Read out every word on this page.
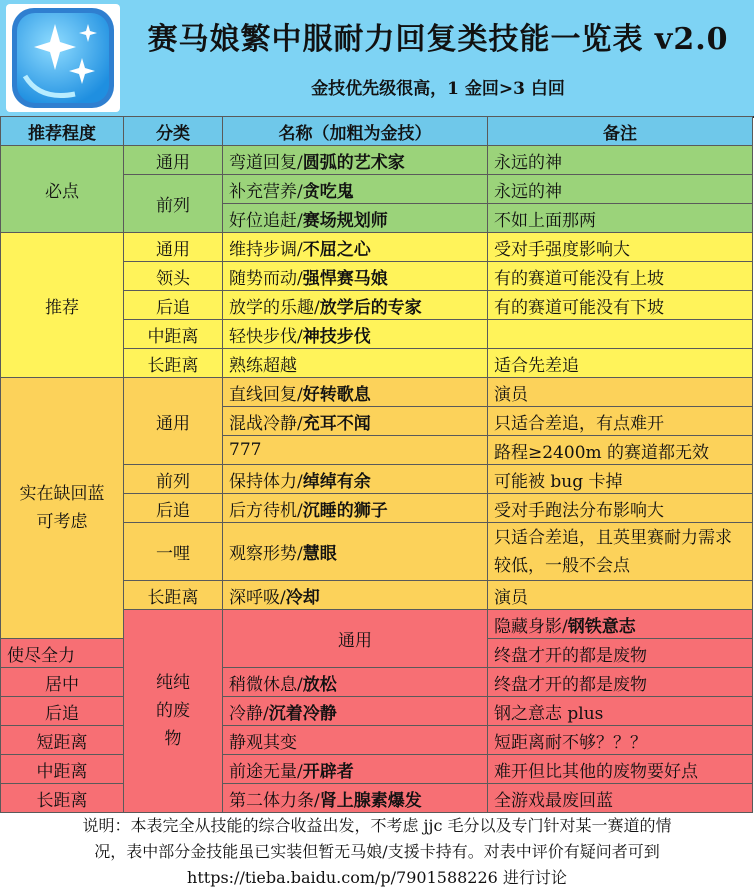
赛马娘繁中服耐力回复类技能一览表 v2.0
金技优先级很高，1 金回>3 白回
推荐程度	分类	名称（加粗为金技）	备注	
必点	通用	弯道回复/圆弧的艺术家	永远的神	
	前列	补充营养/贪吃鬼	永远的神	
		好位追赶/赛场规划师	不如上面那两	
推荐	通用	维持步调/不屈之心	受对手强度影响大	
	领头	随势而动/强悍赛马娘	有的赛道可能没有上坡	
	后追	放学的乐趣/放学后的专家	有的赛道可能没有下坡	
	中距离	轻快步伐/神技步伐		
	长距离	熟练超越	适合先差追	
实在缺回蓝可考虑	通用	直线回复/好转歌息	演员	
		混战冷静/充耳不闻	只适合差追，有点难开	
		777	路程≥2400m 的赛道都无效	
	前列	保持体力/绰绰有余	可能被 bug 卡掉	
	后追	后方待机/沉睡的狮子	受对手跑法分布影响大	
	一哩	观察形势/慧眼	只适合差追，且英里赛耐力需求较低，一般不会点	
	长距离	深呼吸/冷却	演员	
	纯纯的废物	通用	隐藏身影/钢铁意志	
使尽全力			终盘才开的都是废物	
居中		稍微休息/放松	终盘才开的都是废物	
后追		冷静/沉着冷静	钢之意志 plus	
短距离		静观其变	短距离耐不够？？？	
中距离		前途无量/开辟者	难开但比其他的废物要好点	
长距离		第二体力条/肾上腺素爆发	全游戏最废回蓝	
说明：本表完全从技能的综合收益出发，不考虑 jjc 毛分以及专门针对某一赛道的情
况，表中部分金技能虽已实装但暂无马娘/支援卡持有。对表中评价有疑问者可到
https://tieba.baidu.com/p/7901588226 进行讨论
